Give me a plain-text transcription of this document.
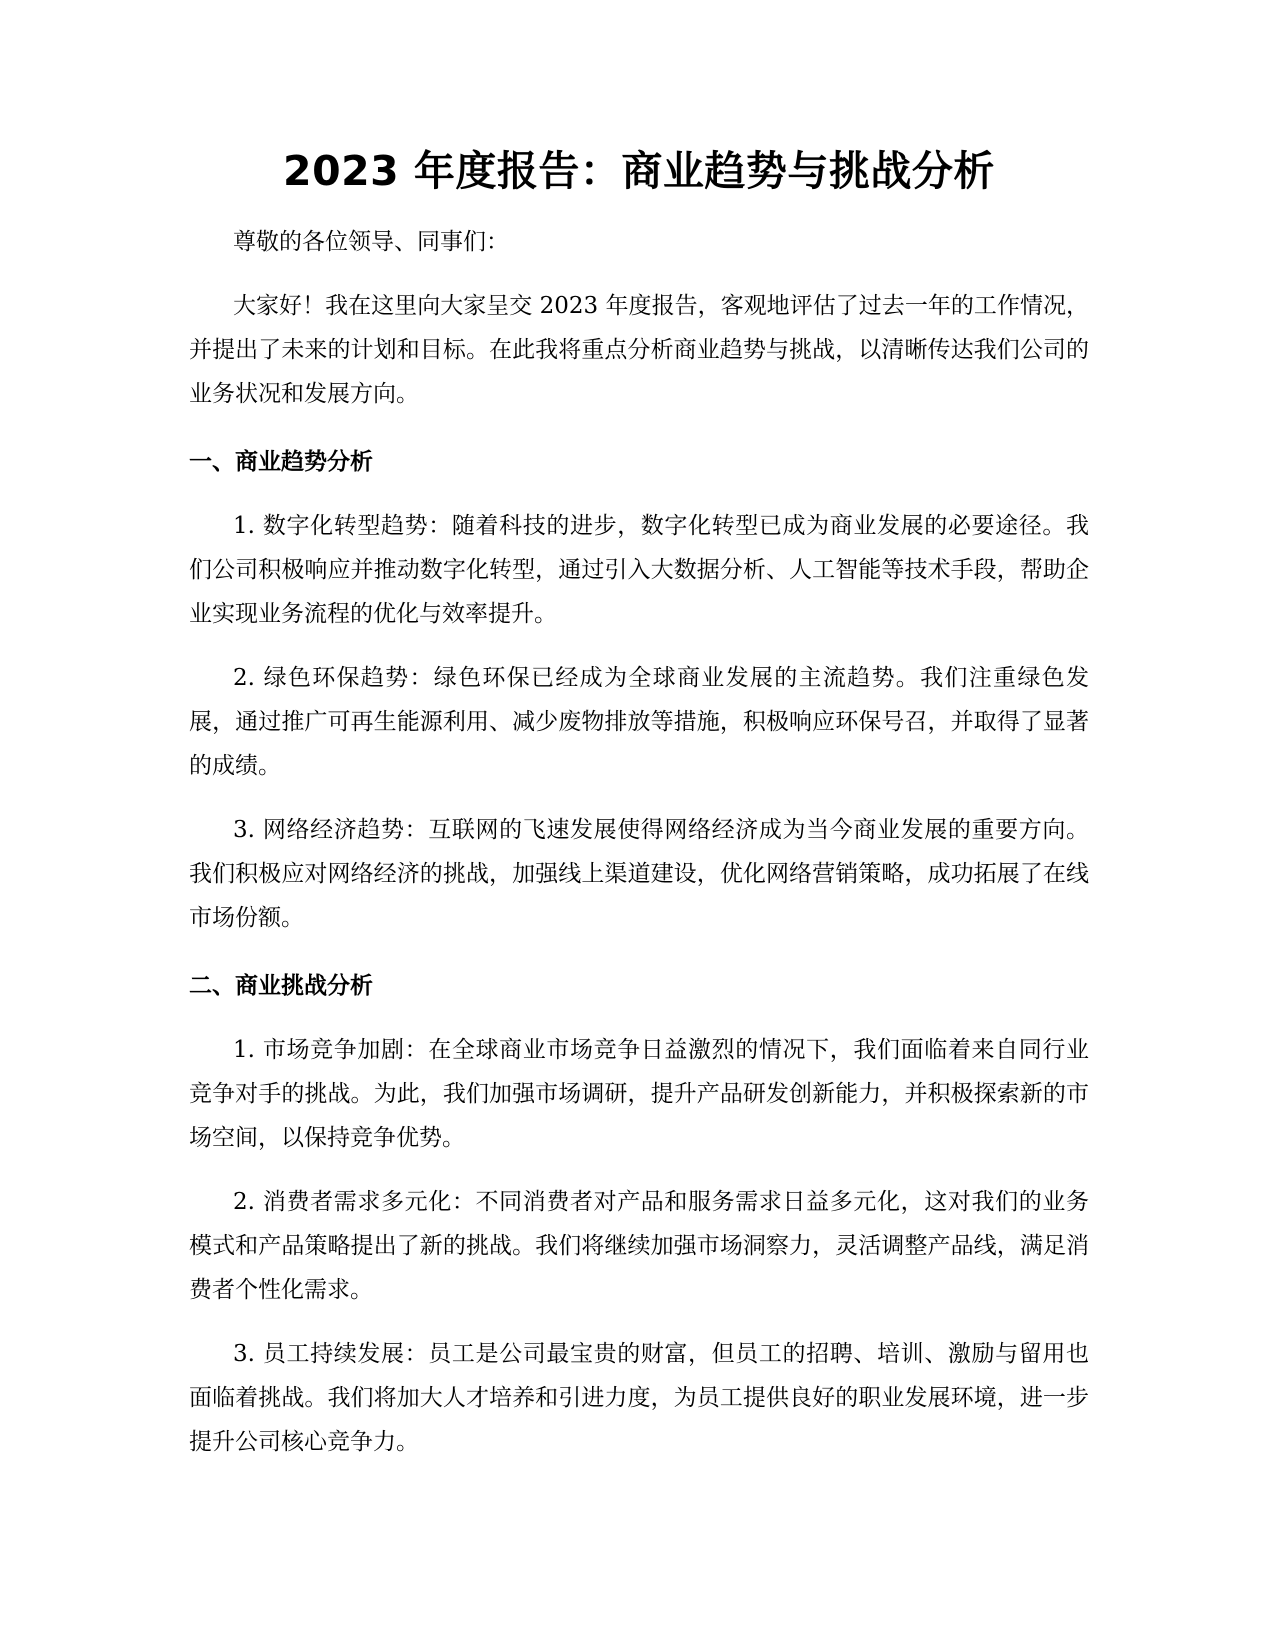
2023 年度报告：商业趋势与挑战分析

尊敬的各位领导、同事们：

大家好！我在这里向大家呈交 2023 年度报告，客观地评估了过去一年的工作情况，并提出了未来的计划和目标。在此我将重点分析商业趋势与挑战，以清晰传达我们公司的业务状况和发展方向。

一、商业趋势分析

1. 数字化转型趋势：随着科技的进步，数字化转型已成为商业发展的必要途径。我们公司积极响应并推动数字化转型，通过引入大数据分析、人工智能等技术手段，帮助企业实现业务流程的优化与效率提升。

2. 绿色环保趋势：绿色环保已经成为全球商业发展的主流趋势。我们注重绿色发展，通过推广可再生能源利用、减少废物排放等措施，积极响应环保号召，并取得了显著的成绩。

3. 网络经济趋势：互联网的飞速发展使得网络经济成为当今商业发展的重要方向。我们积极应对网络经济的挑战，加强线上渠道建设，优化网络营销策略，成功拓展了在线市场份额。

二、商业挑战分析

1. 市场竞争加剧：在全球商业市场竞争日益激烈的情况下，我们面临着来自同行业竞争对手的挑战。为此，我们加强市场调研，提升产品研发创新能力，并积极探索新的市场空间，以保持竞争优势。

2. 消费者需求多元化：不同消费者对产品和服务需求日益多元化，这对我们的业务模式和产品策略提出了新的挑战。我们将继续加强市场洞察力，灵活调整产品线，满足消费者个性化需求。

3. 员工持续发展：员工是公司最宝贵的财富，但员工的招聘、培训、激励与留用也面临着挑战。我们将加大人才培养和引进力度，为员工提供良好的职业发展环境，进一步提升公司核心竞争力。
